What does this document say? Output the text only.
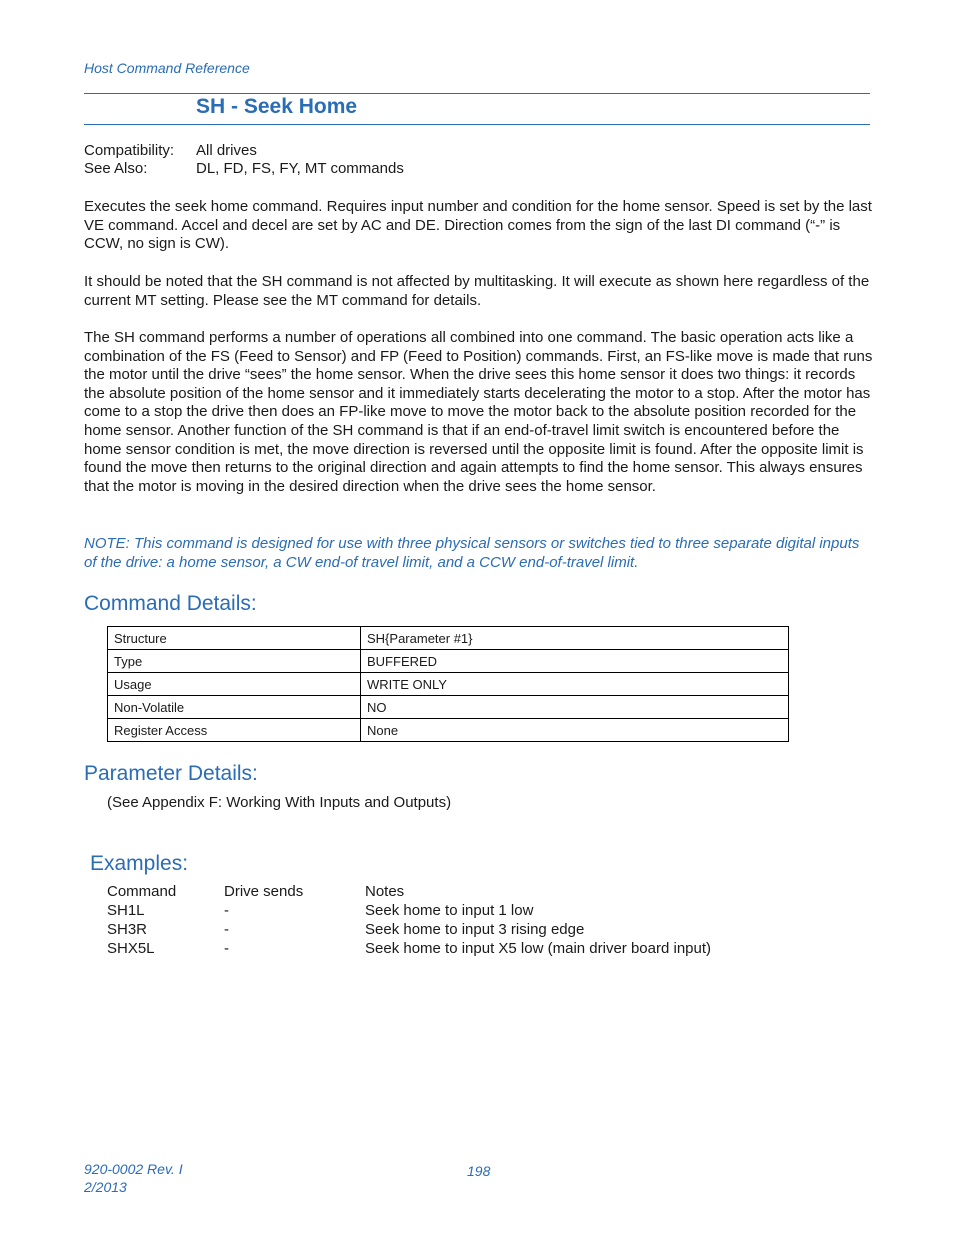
Host Command Reference
SH - Seek Home
Compatibility: All drives
See Also:	DL, FD, FS, FY, MT commands
Executes the seek home command. Requires input number and condition for the home sensor. Speed is set by the last VE command. Accel and decel are set by AC and DE. Direction comes from the sign of the last DI command (“-” is CCW, no sign is CW).
It should be noted that the SH command is not affected by multitasking. It will execute as shown here regardless of the current MT setting. Please see the MT command for details.
The SH command performs a number of operations all combined into one command. The basic operation acts like a combination of the FS (Feed to Sensor) and FP (Feed to Position) commands. First, an FS-like move is made that runs the motor until the drive “sees” the home sensor. When the drive sees this home sensor it does two things: it records the absolute position of the home sensor and it immediately starts decelerating the motor to a stop. After the motor has come to a stop the drive then does an FP-like move to move the motor back to the absolute position recorded for the home sensor. Another function of the SH command is that if an end-of-travel limit switch is encountered before the home sensor condition is met, the move direction is reversed until the opposite limit is found. After the opposite limit is found the move then returns to the original direction and again attempts to find the home sensor. This always ensures that the motor is moving in the desired direction when the drive sees the home sensor.
NOTE: This command is designed for use with three physical sensors or switches tied to three separate digital inputs of the drive: a home sensor, a CW end-of travel limit, and a CCW end-of-travel limit.
Command Details:
Structure	SH{Parameter #1}
Type	BUFFERED
Usage	WRITE ONLY
Non-Volatile	NO
Register Access	None
Parameter Details:
(See Appendix F: Working With Inputs and Outputs)
Examples:
Command	Drive sends	Notes
SH1L	-	Seek home to input 1 low
SH3R	-	Seek home to input 3 rising edge
SHX5L	-	Seek home to input X5 low (main driver board input)
920-0002 Rev. I
2/2013
198
